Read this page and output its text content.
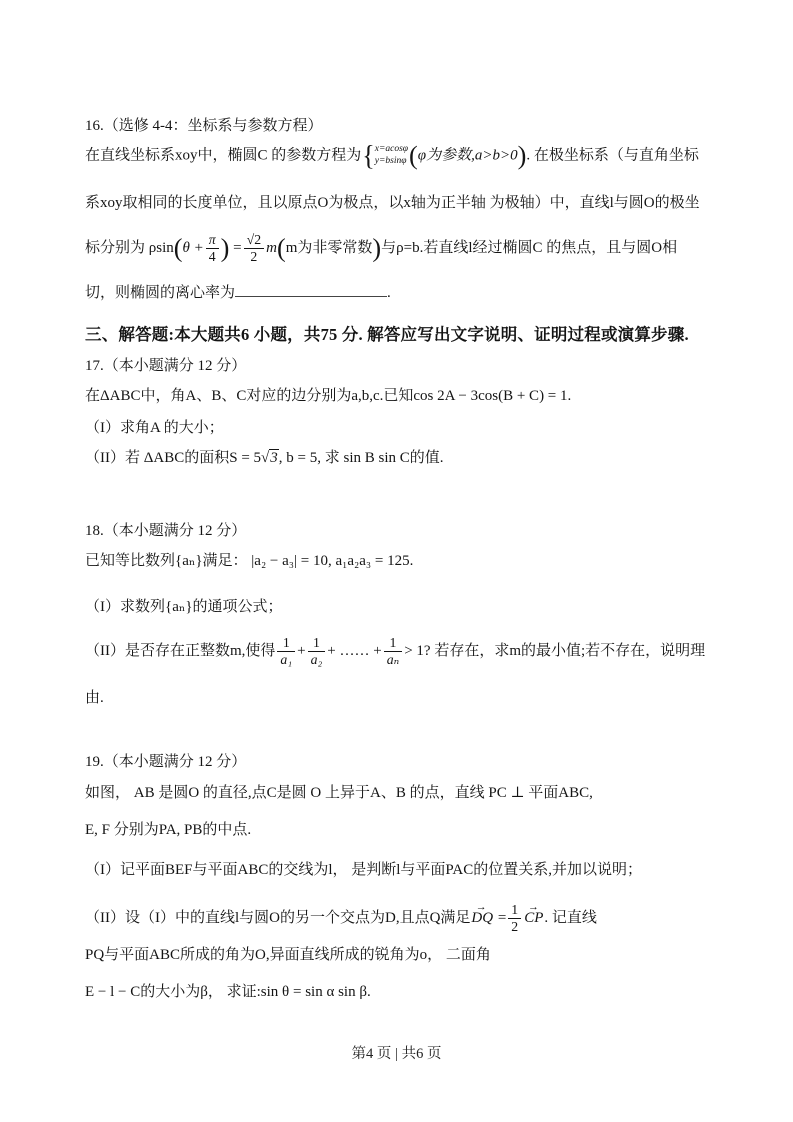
16.（选修 4-4：坐标系与参数方程）
在直线坐标系xoy中，椭圆C 的参数方程为 { x=acosφ
y=bsinφ (φ为参数,a>b>0). 在极坐标系（与直角坐标
系xoy取相同的长度单位，且以原点O为极点，以x轴为正半轴 为极轴）中，直线l与圆O的极坐
标分别为 $\rho\sin(\theta + \frac{\pi}{4}$ ) = $\frac{√2}{2} m(m$为非零常数)与ρ=b.若直线l经过椭圆C 的焦点，且与圆O相
切，则椭圆的离心率为	.
三、解答题:本大题共6 小题，共75 分. 解答应写出文字说明、证明过程或演算步骤.
17.（本小题满分 12 分）
在ΔABC中，角A、B、C对应的边分别为a,b,c.已知cos 2A − 3cos(B + C) = 1.
（I）求角A 的大小；
（II）若 ΔABC的面积S = 5√3, b = 5, 求 sin B sin C的值.
18.（本小题满分 12 分）
已知等比数列{aₙ}满足： |a₂ − a₃| = 10, a₁a₂a₃ = 125.
（I）求数列{aₙ}的通项公式；
（II）是否存在正整数m,使得 $\frac{1}{\text{a₁}} + \frac{1}{\text{a₂}}$ + …… + $\frac{1}{\text{aₙ}} > 1$? 若存在，求m的最小值;若不存在，说明理
由.
19.（本小题满分 12 分）
如图， AB 是圆O 的直径,点C是圆 O 上异于A、B 的点，直线 PC ⊥ 平面ABC,
E, F 分别为PA, PB的中点.
（I）记平面BEF与平面ABC的交线为l， 是判断l与平面PAC的位置关系,并加以说明；
（II）设（I）中的直线l与圆O的另一个交点为D,且点Q满足
→
DQ = $\frac{1}{2}$ →
CP. 记直线
PQ与平面ABC所成的角为O,异面直线所成的锐角为o， 二面角
E − l − C的大小为β， 求证:sin θ = sin α sin β.
第4 页 | 共6 页
